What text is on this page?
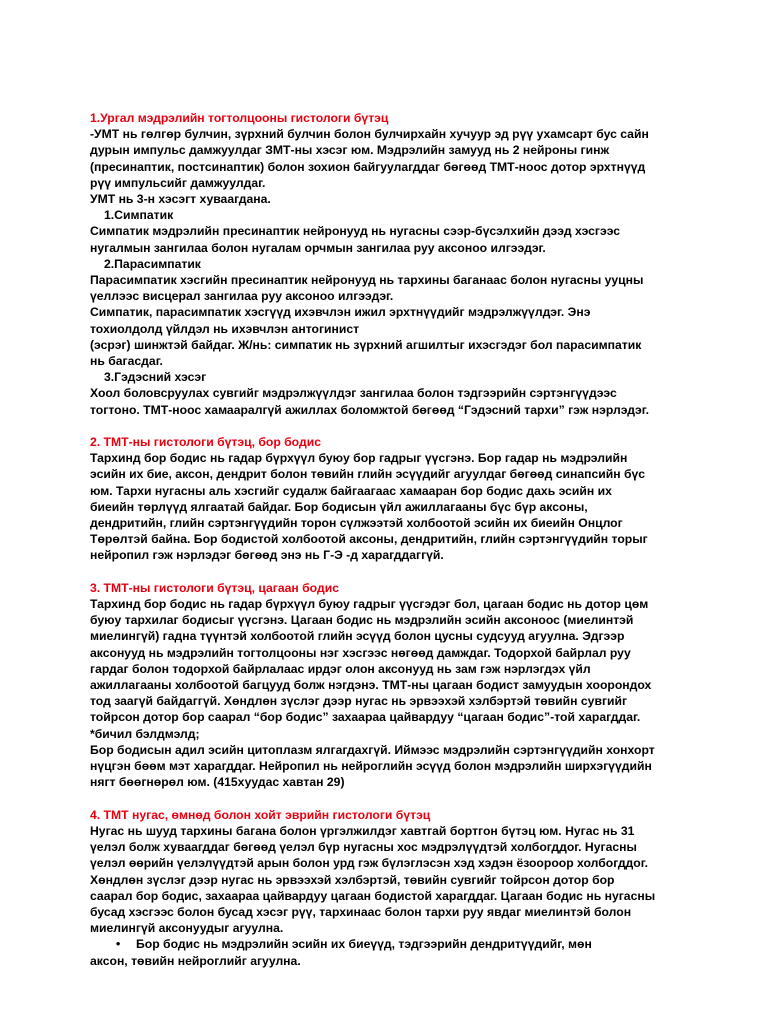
1.Ургал мэдрэлийн тогтолцооны гистологи бүтэц
-УМТ нь гөлгөр булчин, зүрхний булчин болон булчирхайн хучуур эд рүү ухамсарт бус сайн
дурын импульс дамжуулдаг ЗМТ-ны хэсэг юм. Мэдрэлийн замууд нь 2 нейроны гинж
(пресинаптик, постсинаптик) болон зохион байгуулагддаг бөгөөд ТМТ-ноос дотор эрхтнүүд
рүү импульсийг дамжуулдаг.
УМТ нь 3-н хэсэгт хуваагдана.
1.Симпатик
Симпатик мэдрэлийн пресинаптик нейронууд нь нугасны сээр-бүсэлхийн дээд хэсгээс
нугалмын зангилаа болон нугалам орчмын зангилаа руу аксоноо илгээдэг.
2.Парасимпатик
Парасимпатик хэсгийн пресинаптик нейронууд нь тархины баганаас болон нугасны ууцны
үеллээс висцерал зангилаа руу аксоноо илгээдэг.
Симпатик, парасимпатик хэсгүүд ихэвчлэн ижил эрхтнүүдийг мэдрэлжүүлдэг. Энэ
тохиолдолд үйлдэл нь ихэвчлэн антогинист
(эсрэг) шинжтэй байдаг. Ж/нь: симпатик нь зүрхний агшилтыг ихэсгэдэг бол парасимпатик
нь багасдаг.
3.Гэдэсний хэсэг
Хоол боловсруулах сувгийг мэдрэлжүүлдэг зангилаа болон тэдгээрийн сэртэнгүүдээс
тогтоно. ТМТ-ноос хамааралгүй ажиллах боломжтой бөгөөд “Гэдэсний тархи” гэж нэрлэдэг.
2. ТМТ-ны гистологи бүтэц, бор бодис
Тархинд бор бодис нь гадар бүрхүүл буюу бор гадрыг үүсгэнэ. Бор гадар нь мэдрэлийн
эсийн их бие, аксон, дендрит болон төвийн глийн эсүүдийг агуулдаг бөгөөд синапсийн бүс
юм. Тархи нугасны аль хэсгийг судалж байгаагаас хамааран бор бодис дахь эсийн их
биеийн төрлүүд ялгаатай байдаг. Бор бодисын үйл ажиллагааны бүс бүр аксоны,
дендритийн, глийн сэртэнгүүдийн торон сүлжээтэй холбоотой эсийн их биеийн Онцлог
Төрөлтэй байна. Бор бодистой холбоотой аксоны, дендритийн, глийн сэртэнгүүдийн торыг
нейропил гэж нэрлэдэг бөгөөд энэ нь Г-Э -д харагддаггүй.
3. ТМТ-ны гистологи бүтэц, цагаан бодис
Тархинд бор бодис нь гадар бүрхүүл буюу гадрыг үүсгэдэг бол, цагаан бодис нь дотор цөм
буюу тархилаг бодисыг үүсгэнэ. Цагаан бодис нь мэдрэлийн эсийн аксоноос (миелинтэй
миелингүй) гадна түүнтэй холбоотой глийн эсүүд болон цусны судсууд агуулна. Эдгээр
аксонууд нь мэдрэлийн тогтолцооны нэг хэсгээс нөгөөд дамждаг. Тодорхой байрлал руу
гардаг болон тодорхой байрлалаас ирдэг олон аксонууд нь зам гэж нэрлэгдэх үйл
ажиллагааны холбоотой багцууд болж нэгдэнэ. ТМТ-ны цагаан бодист замуудын хоорондох
тод заагүй байдаггүй. Хөндлөн зүслэг дээр нугас нь эрвээхэй хэлбэртэй төвийн сувгийг
тойрсон дотор бор саарал “бор бодис” захаараа цайвардуу “цагаан бодис”-той харагддаг.
*бичил бэлдмэлд;
Бор бодисын адил эсийн цитоплазм ялгагдахгүй. Иймээс мэдрэлийн сэртэнгүүдийн хонхорт
нүцгэн бөөм мэт харагддаг. Нейропил нь нейроглийн эсүүд болон мэдрэлийн ширхэгүүдийн
нягт бөөгнөрөл юм. (415хуудас хавтан 29)
4. ТМТ нугас, өмнөд болон хойт эврийн гистологи бүтэц
Нугас нь шууд тархины багана болон үргэлжилдэг хавтгай бортгон бүтэц юм. Нугас нь 31
үелэл болж хуваагддаг бөгөөд үелэл бүр нугасны хос мэдрэлүүдтэй холбогддог. Нугасны
үелэл өөрийн үелэлүүдтэй арын болон урд гэж бүлэглэсэн хэд хэдэн ёзоороор холбогддог.
Хөндлөн зүслэг дээр нугас нь эрвээхэй хэлбэртэй, төвийн сувгийг тойрсон дотор бор
саарал бор бодис, захаараа цайвардуу цагаан бодистой харагддаг. Цагаан бодис нь нугасны
бусад хэсгээс болон бусад хэсэг рүү, тархинаас болон тархи руу явдаг миелинтэй болон
миелингүй аксонуудыг агуулна.
• Бор бодис нь мэдрэлийн эсийн их биеүүд, тэдгээрийн дендритүүдийг, мөн
аксон, төвийн нейроглийг агуулна.
